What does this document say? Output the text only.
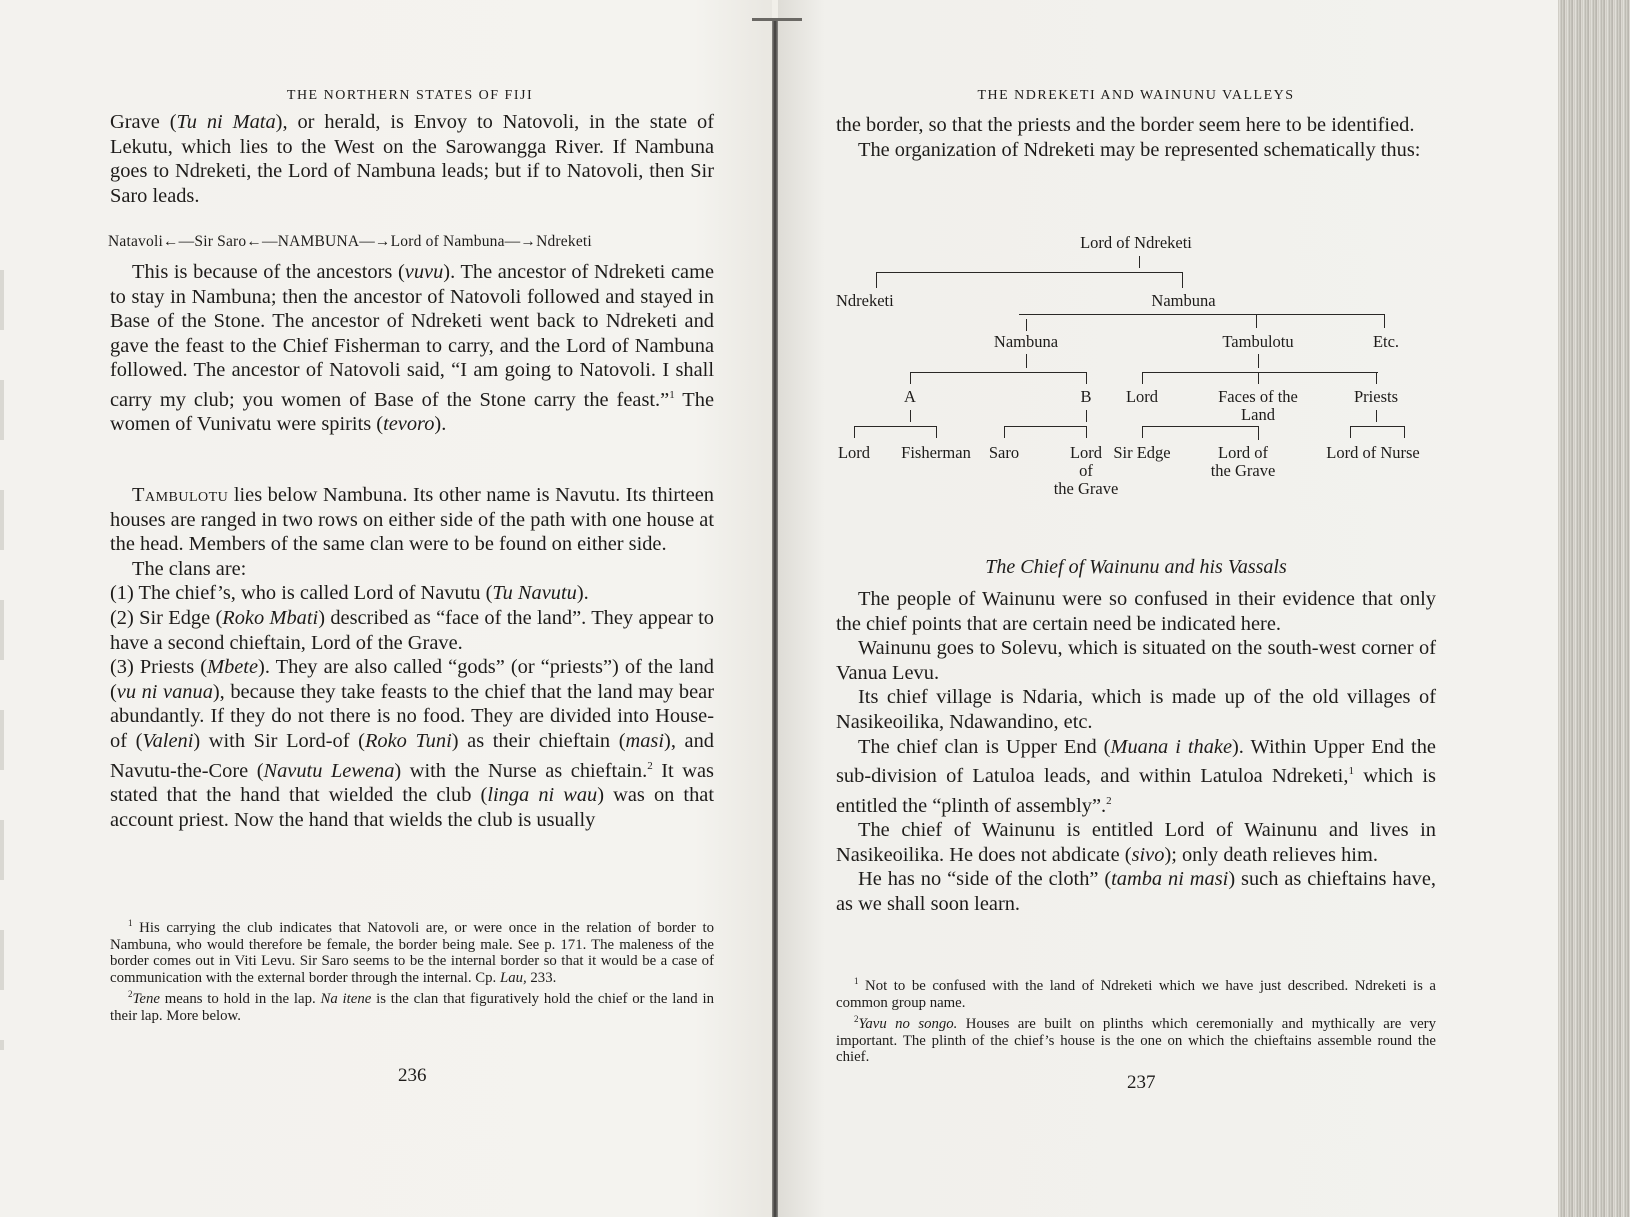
THE NORTHERN STATES OF FIJI

Grave (Tu ni Mata), or herald, is Envoy to Natovoli, in the state of Lekutu, which lies to the West on the Sarowangga River. If Nambuna goes to Ndreketi, the Lord of Nambuna leads; but if to Natovoli, then Sir Saro leads.

Natavoli←—Sir Saro←—NAMBUNA—→Lord of Nambuna—→Ndreketi

This is because of the ancestors (vuvu). The ancestor of Ndreketi came to stay in Nambuna; then the ancestor of Natovoli followed and stayed in Base of the Stone. The ancestor of Ndreketi went back to Ndreketi and gave the feast to the Chief Fisherman to carry, and the Lord of Nambuna followed. The ancestor of Natovoli said, “I am going to Natovoli. I shall carry my club; you women of Base of the Stone carry the feast.”$^1$ The women of Vunivatu were spirits (tevoro).

Tambulotu lies below Nambuna. Its other name is Navutu. Its thirteen houses are ranged in two rows on either side of the path with one house at the head. Members of the same clan were to be found on either side.

The clans are:

(1) The chief’s, who is called Lord of Navutu (Tu Navutu).

(2) Sir Edge (Roko Mbati) described as “face of the land”. They appear to have a second chieftain, Lord of the Grave.

(3) Priests (Mbete). They are also called “gods” (or “priests”) of the land (vu ni vanua), because they take feasts to the chief that the land may bear abundantly. If they do not there is no food. They are divided into House-of (Valeni) with Sir Lord-of (Roko Tuni) as their chieftain (masi), and Navutu-the-Core (Navutu Lewena) with the Nurse as chieftain.$^2$ It was stated that the hand that wielded the club (linga ni wau) was on that account priest. Now the hand that wields the club is usually

$^1$ His carrying the club indicates that Natovoli are, or were once in the relation of border to Nambuna, who would therefore be female, the border being male. See p. 171. The maleness of the border comes out in Viti Levu. Sir Saro seems to be the internal border so that it would be a case of communication with the external border through the internal. Cp. Lau, 233.

$^2$Tene means to hold in the lap. Na itene is the clan that figuratively hold the chief or the land in their lap. More below.

236
THE NDREKETI AND WAINUNU VALLEYS

the border, so that the priests and the border seem here to be identified.

The organization of Ndreketi may be represented schematically thus:

Lord of Ndreketi
Ndreketi	Nambuna
Nambuna	Tambulotu	Etc.
A	B	Lord	Faces of the
Land
Priests
Lord	Fisherman	Saro	Lord
of
the Grave
Sir Edge	Lord of
the Grave
Lord of Nurse
The Chief of Wainunu and his Vassals

The people of Wainunu were so confused in their evidence that only the chief points that are certain need be indicated here.

Wainunu goes to Solevu, which is situated on the south-west corner of Vanua Levu.

Its chief village is Ndaria, which is made up of the old villages of Nasikeoilika, Ndawandino, etc.

The chief clan is Upper End (Muana i thake). Within Upper End the sub-division of Latuloa leads, and within Latuloa Ndreketi,$^1$ which is entitled the “plinth of assembly”.$^2$

The chief of Wainunu is entitled Lord of Wainunu and lives in Nasikeoilika. He does not abdicate (sivo); only death relieves him.

He has no “side of the cloth” (tamba ni masi) such as chieftains have, as we shall soon learn.

$^1$ Not to be confused with the land of Ndreketi which we have just described. Ndreketi is a common group name.

$^2$Yavu no songo. Houses are built on plinths which ceremonially and mythically are very important. The plinth of the chief’s house is the one on which the chieftains assemble round the chief.

237
